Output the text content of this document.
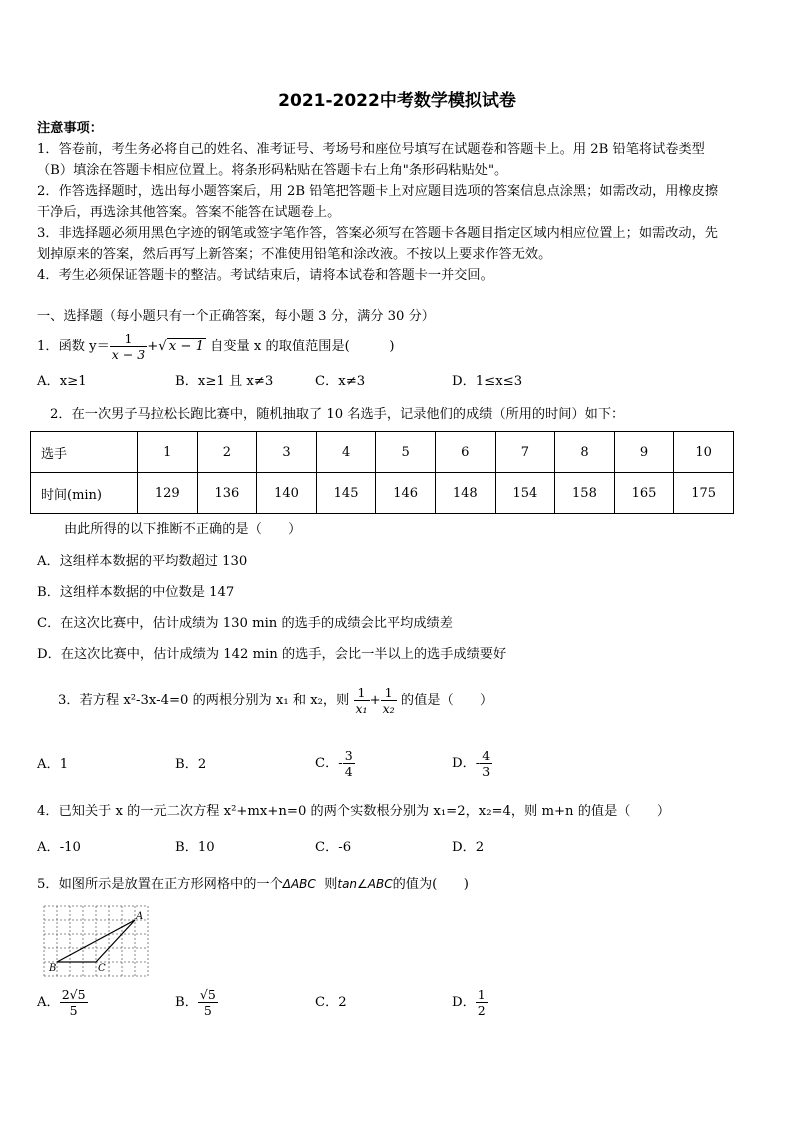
2021-2022中考数学模拟试卷
注意事项：
1．答卷前，考生务必将自己的姓名、准考证号、考场号和座位号填写在试题卷和答题卡上。用 2B 铅笔将试卷类型
（B）填涂在答题卡相应位置上。将条形码粘贴在答题卡右上角"条形码粘贴处"。
2．作答选择题时，选出每小题答案后，用 2B 铅笔把答题卡上对应题目选项的答案信息点涂黑；如需改动，用橡皮擦
干净后，再选涂其他答案。答案不能答在试题卷上。
3．非选择题必须用黑色字迹的钢笔或签字笔作答，答案必须写在答题卡各题目指定区域内相应位置上；如需改动，先
划掉原来的答案，然后再写上新答案；不准使用铅笔和涂改液。不按以上要求作答无效。
4．考生必须保证答题卡的整洁。考试结束后，请将本试卷和答题卡一并交回。
一、选择题（每小题只有一个正确答案，每小题 3 分，满分 30 分）
1．函数 $y= \frac{1}{x - 3}$ +√ x − 1 自变量 x 的取值范围是(　　　)
A．x≥1	B．x≥1 且 x≠3	C．x≠3	D．1≤x≤3
2．在一次男子马拉松长跑比赛中，随机抽取了 10 名选手，记录他们的成绩（所用的时间）如下：
选手	1	2	3	4	5	6	7	8	9	10
时间(min)	129	136	140	145	146	148	154	158	165	175
由此所得的以下推断不正确的是（　　）
A．这组样本数据的平均数超过 130
B．这组样本数据的中位数是 147
C．在这次比赛中，估计成绩为 130 min 的选手的成绩会比平均成绩差
D．在这次比赛中，估计成绩为 142 min 的选手，会比一半以上的选手成绩要好
3．若方程 x²-3x-4=0 的两根分别为 x₁ 和 x₂，则 $\frac{1}{\text{x₁}} + \frac{1}{\text{x₂}}$ 的值是（　　）
A．1	B．2	C．- $\frac{3}{4}$	D．- $\frac{4}{3}$
4．已知关于 x 的一元二次方程 x²+mx+n=0 的两个实数根分别为 x₁=2，x₂=4，则 m+n 的值是（　　）
A．-10	B．10	C．-6	D．2
5．如图所示是放置在正方形网格中的一个ΔABC 则tan∠ABC的值为(　　)
A
B	C
A． $\frac{2√5}{5}$	B． $\frac{√5}{5}$	C．2	D． $\frac{1}{2}$
